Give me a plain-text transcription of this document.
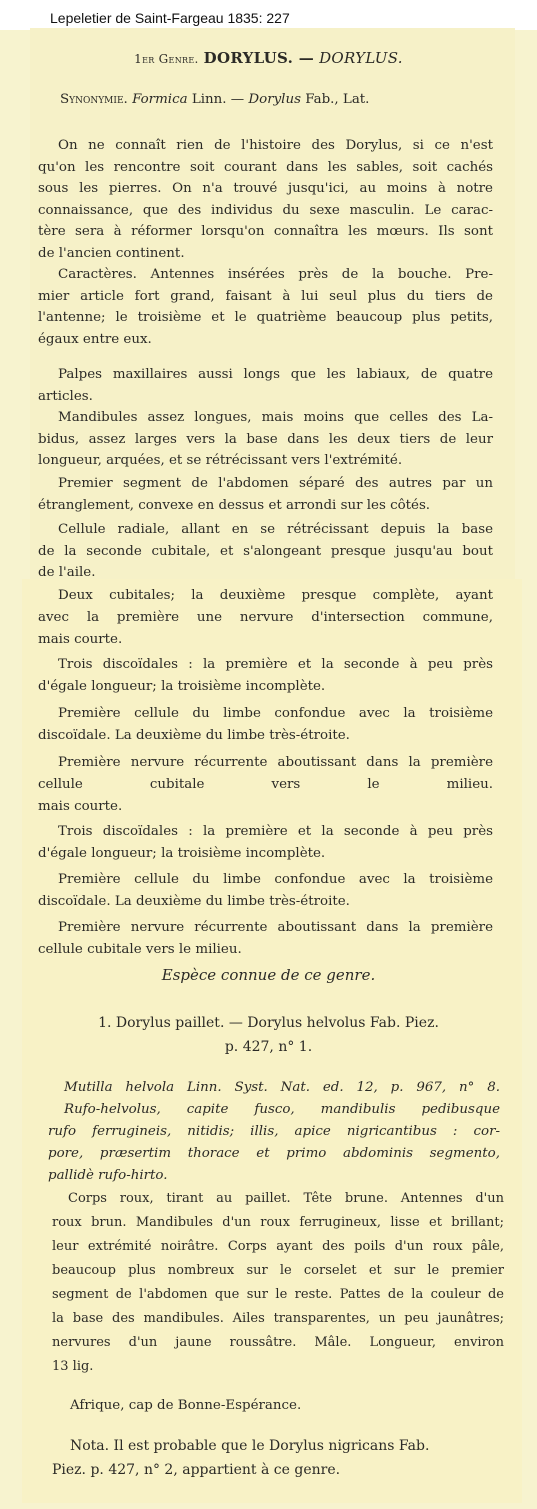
Lepeletier de Saint-Fargeau 1835: 227
1er Genre. DORYLUS. — DORYLUS.
Synonymie. Formica Linn. — Dorylus Fab., Lat.
On ne connaît rien de l'histoire des Dorylus, si ce n'est
qu'on les rencontre soit courant dans les sables, soit cachés
sous les pierres. On n'a trouvé jusqu'ici, au moins à notre
connaissance, que des individus du sexe masculin. Le carac-
tère sera à réformer lorsqu'on connaîtra les mœurs. Ils sont
de l'ancien continent.
Caractères. Antennes insérées près de la bouche. Pre-
mier article fort grand, faisant à lui seul plus du tiers de
l'antenne; le troisième et le quatrième beaucoup plus petits,
égaux entre eux.
Palpes maxillaires aussi longs que les labiaux, de quatre
articles.
Mandibules assez longues, mais moins que celles des La-
bidus, assez larges vers la base dans les deux tiers de leur
longueur, arquées, et se rétrécissant vers l'extrémité.
Premier segment de l'abdomen séparé des autres par un
étranglement, convexe en dessus et arrondi sur les côtés.
Cellule radiale, allant en se rétrécissant depuis la base
de la seconde cubitale, et s'alongeant presque jusqu'au bout
de l'aile.
Deux cubitales; la deuxième presque complète, ayant
avec la première une nervure d'intersection commune,
mais courte.
Trois discoïdales : la première et la seconde à peu près
d'égale longueur; la troisième incomplète.
Première cellule du limbe confondue avec la troisième
discoïdale. La deuxième du limbe très-étroite.
Première nervure récurrente aboutissant dans la première
cellule cubitale vers le milieu.
mais courte.
Trois discoïdales : la première et la seconde à peu près
d'égale longueur; la troisième incomplète.
Première cellule du limbe confondue avec la troisième
discoïdale. La deuxième du limbe très-étroite.
Première nervure récurrente aboutissant dans la première
cellule cubitale vers le milieu.
Espèce connue de ce genre.
1. Dorylus paillet. — Dorylus helvolus Fab. Piez.
p. 427, n° 1.
Mutilla helvola Linn. Syst. Nat. ed. 12, p. 967, n° 8.
Rufo-helvolus, capite fusco, mandibulis pedibusque
rufo ferrugineis, nitidis; illis, apice nigricantibus : cor-
pore, præsertim thorace et primo abdominis segmento,
pallidè rufo-hirto.
Corps roux, tirant au paillet. Tête brune. Antennes d'un
roux brun. Mandibules d'un roux ferrugineux, lisse et brillant;
leur extrémité noirâtre. Corps ayant des poils d'un roux pâle,
beaucoup plus nombreux sur le corselet et sur le premier
segment de l'abdomen que sur le reste. Pattes de la couleur de
la base des mandibules. Ailes transparentes, un peu jaunâtres;
nervures d'un jaune roussâtre. Mâle. Longueur, environ
13 lig.
Afrique, cap de Bonne-Espérance.
Nota. Il est probable que le Dorylus nigricans Fab.
Piez. p. 427, n° 2, appartient à ce genre.
